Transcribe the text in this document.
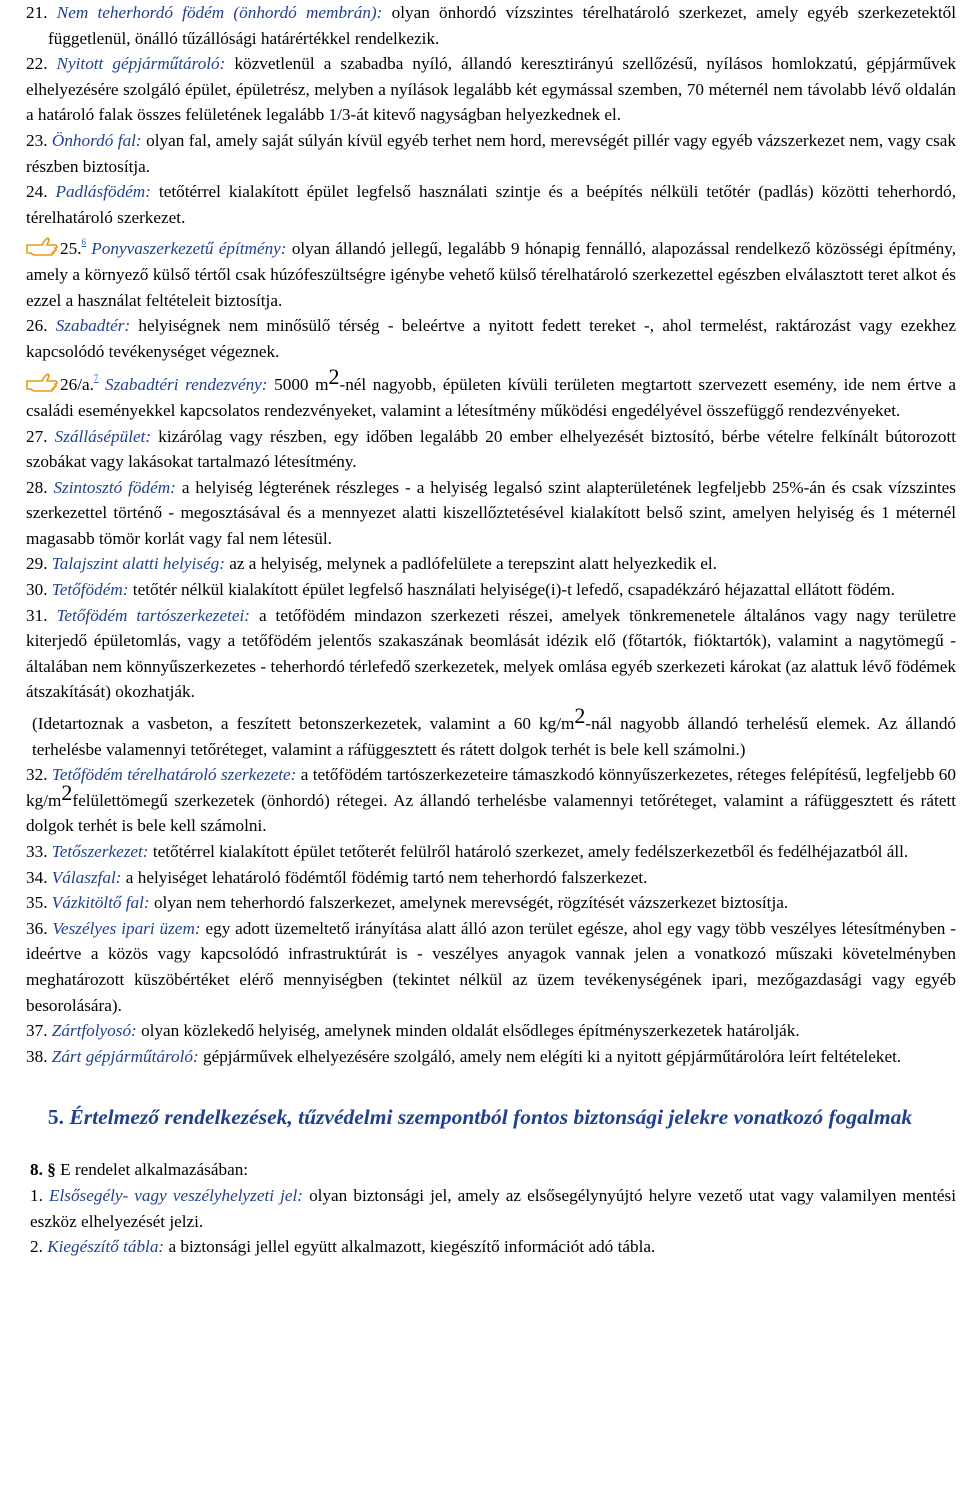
21. Nem teherhordó födém (önhordó membrán): olyan önhordó vízszintes térelhatároló szerkezet, amely egyéb szerkezetektől függetlenül, önálló tűzállósági határértékkel rendelkezik.

22. Nyitott gépjárműtároló: közvetlenül a szabadba nyíló, állandó keresztirányú szellőzésű, nyílásos homlokzatú, gépjárművek elhelyezésére szolgáló épület, épületrész, melyben a nyílások legalább két egymással szemben, 70 méternél nem távolabb lévő oldalán a határoló falak összes felületének legalább 1/3-át kitevő nagyságban helyezkednek el.

23. Önhordó fal: olyan fal, amely saját súlyán kívül egyéb terhet nem hord, merevségét pillér vagy egyéb vázszerkezet nem, vagy csak részben biztosítja.

24. Padlásfödém: tetőtérrel kialakított épület legfelső használati szintje és a beépítés nélküli tetőtér (padlás) közötti teherhordó, térelhatároló szerkezet.

25.$^6$ Ponyvaszerkezetű építmény: olyan állandó jellegű, legalább 9 hónapig fennálló, alapozással rendelkező közösségi építmény, amely a környező külső tértől csak húzófeszültségre igénybe vehető külső térelhatároló szerkezettel egészben elválasztott teret alkot és ezzel a használat feltételeit biztosítja.

26. Szabadtér: helyiségnek nem minősülő térség - beleértve a nyitott fedett tereket -, ahol termelést, raktározást vagy ezekhez kapcsolódó tevékenységet végeznek.

26/a.$^7$ Szabadtéri rendezvény: 5000 m2-nél nagyobb, épületen kívüli területen megtartott szervezett esemény, ide nem értve a családi eseményekkel kapcsolatos rendezvényeket, valamint a létesítmény működési engedélyével összefüggő rendezvényeket.

27. Szállásépület: kizárólag vagy részben, egy időben legalább 20 ember elhelyezését biztosító, bérbe vételre felkínált bútorozott szobákat vagy lakásokat tartalmazó létesítmény.

28. Szintosztó födém: a helyiség légterének részleges - a helyiség legalsó szint alapterületének legfeljebb 25%-án és csak vízszintes szerkezettel történő - megosztásával és a mennyezet alatti kiszellőztetésével kialakított belső szint, amelyen helyiség és 1 méternél magasabb tömör korlát vagy fal nem létesül.

29. Talajszint alatti helyiség: az a helyiség, melynek a padlófelülete a terepszint alatt helyezkedik el.

30. Tetőfödém: tetőtér nélkül kialakított épület legfelső használati helyisége(i)-t lefedő, csapadékzáró héjazattal ellátott födém.

31. Tetőfödém tartószerkezetei: a tetőfödém mindazon szerkezeti részei, amelyek tönkremenetele általános vagy nagy területre kiterjedő épületomlás, vagy a tetőfödém jelentős szakaszának beomlását idézik elő (főtartók, fióktartók), valamint a nagytömegű - általában nem könnyűszerkezetes - teherhordó térlefedő szerkezetek, melyek omlása egyéb szerkezeti károkat (az alattuk lévő födémek átszakítását) okozhatják.

(Idetartoznak a vasbeton, a feszített betonszerkezetek, valamint a 60 kg/m2-nál nagyobb állandó terhelésű elemek. Az állandó terhelésbe valamennyi tetőréteget, valamint a ráfüggesztett és rátett dolgok terhét is bele kell számolni.)

32. Tetőfödém térelhatároló szerkezete: a tetőfödém tartószerkezeteire támaszkodó könnyűszerkezetes, réteges felépítésű, legfeljebb 60 kg/m2felülettömegű szerkezetek (önhordó) rétegei. Az állandó terhelésbe valamennyi tetőréteget, valamint a ráfüggesztett és rátett dolgok terhét is bele kell számolni.

33. Tetőszerkezet: tetőtérrel kialakított épület tetőterét felülről határoló szerkezet, amely fedélszerkezetből és fedélhéjazatból áll.

34. Válaszfal: a helyiséget lehatároló födémtől födémig tartó nem teherhordó falszerkezet.

35. Vázkitöltő fal: olyan nem teherhordó falszerkezet, amelynek merevségét, rögzítését vázszerkezet biztosítja.

36. Veszélyes ipari üzem: egy adott üzemeltető irányítása alatt álló azon terület egésze, ahol egy vagy több veszélyes létesítményben - ideértve a közös vagy kapcsolódó infrastruktúrát is - veszélyes anyagok vannak jelen a vonatkozó műszaki követelményben meghatározott küszöbértéket elérő mennyiségben (tekintet nélkül az üzem tevékenységének ipari, mezőgazdasági vagy egyéb besorolására).

37. Zártfolyosó: olyan közlekedő helyiség, amelynek minden oldalát elsődleges építményszerkezetek határolják.

38. Zárt gépjárműtároló: gépjárművek elhelyezésére szolgáló, amely nem elégíti ki a nyitott gépjárműtárolóra leírt feltételeket.

5. Értelmező rendelkezések, tűzvédelmi szempontból fontos biztonsági jelekre vonatkozó fogalmak

8. § E rendelet alkalmazásában:

1. Elsősegély- vagy veszélyhelyzeti jel: olyan biztonsági jel, amely az elsősegélynyújtó helyre vezető utat vagy valamilyen mentési eszköz elhelyezését jelzi.

2. Kiegészítő tábla: a biztonsági jellel együtt alkalmazott, kiegészítő információt adó tábla.
